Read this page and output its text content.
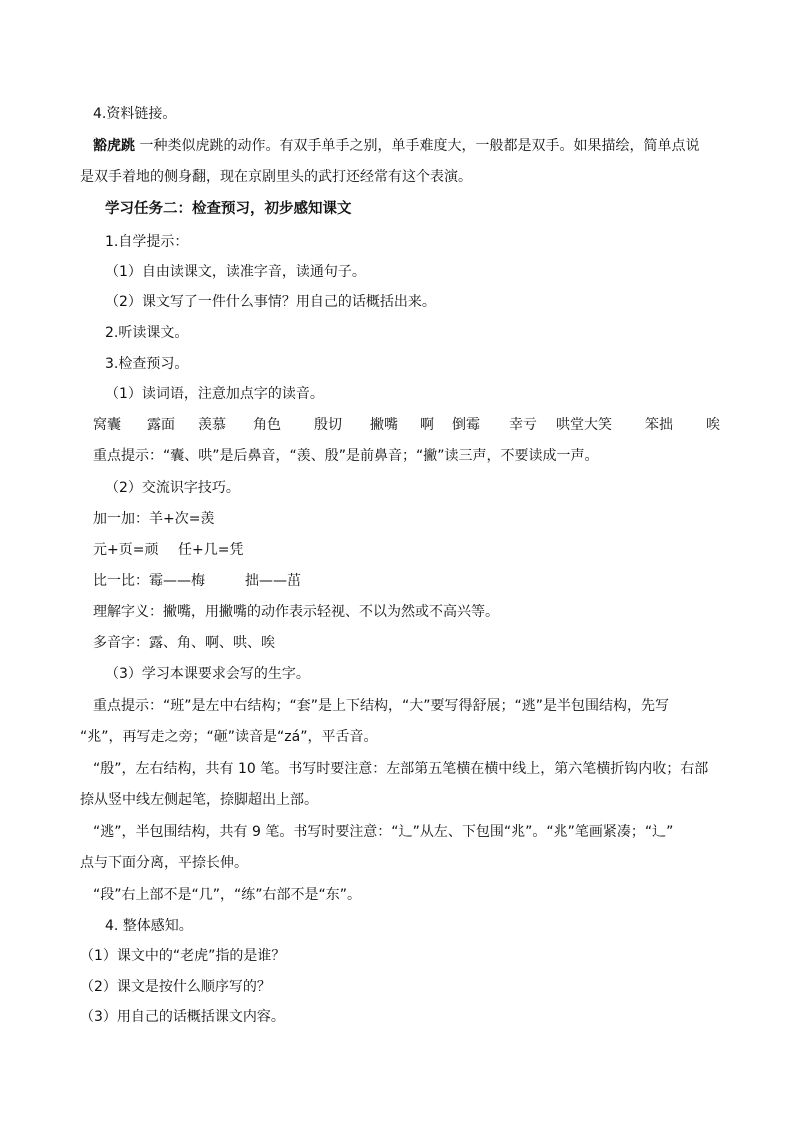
4.资料链接。
豁虎跳 一种类似虎跳的动作。有双手单手之别，单手难度大，一般都是双手。如果描绘，简单点说
是双手着地的侧身翻，现在京剧里头的武打还经常有这个表演。
学习任务二：检查预习，初步感知课文
1.自学提示：
（1）自由读课文，读准字音，读通句子。
（2）课文写了一件什么事情？用自己的话概括出来。
2.听读课文。
3.检查预习。
（1）读词语，注意加点字的读音。
窝囊 露面 羡慕 角色 殷切 撇嘴 啊 倒霉 幸亏 哄堂大笑 笨拙 唉
重点提示：“囊、哄”是后鼻音，“羡、殷”是前鼻音；“撇”读三声，不要读成一声。
（2）交流识字技巧。
加一加：羊+次=羡
元+页=顽 任+几=凭
比一比：霉——梅	拙——茁
理解字义：撇嘴，用撇嘴的动作表示轻视、不以为然或不高兴等。
多音字：露、角、啊、哄、唉
（3）学习本课要求会写的生字。
重点提示：“班”是左中右结构；“套”是上下结构，“大”要写得舒展；“逃”是半包围结构，先写
“兆”，再写走之旁；“砸”读音是“zá”，平舌音。
“殷”，左右结构，共有 10 笔。书写时要注意：左部第五笔横在横中线上，第六笔横折钩内收；右部
捺从竖中线左侧起笔，捺脚超出上部。
“逃”，半包围结构，共有 9 笔。书写时要注意：“辶”从左、下包围“兆”。“兆”笔画紧凑；“辶”
点与下面分离，平捺长伸。
“段”右上部不是“几”，“练”右部不是“东”。
4. 整体感知。
（1）课文中的“老虎”指的是谁？
（2）课文是按什么顺序写的？
（3）用自己的话概括课文内容。
